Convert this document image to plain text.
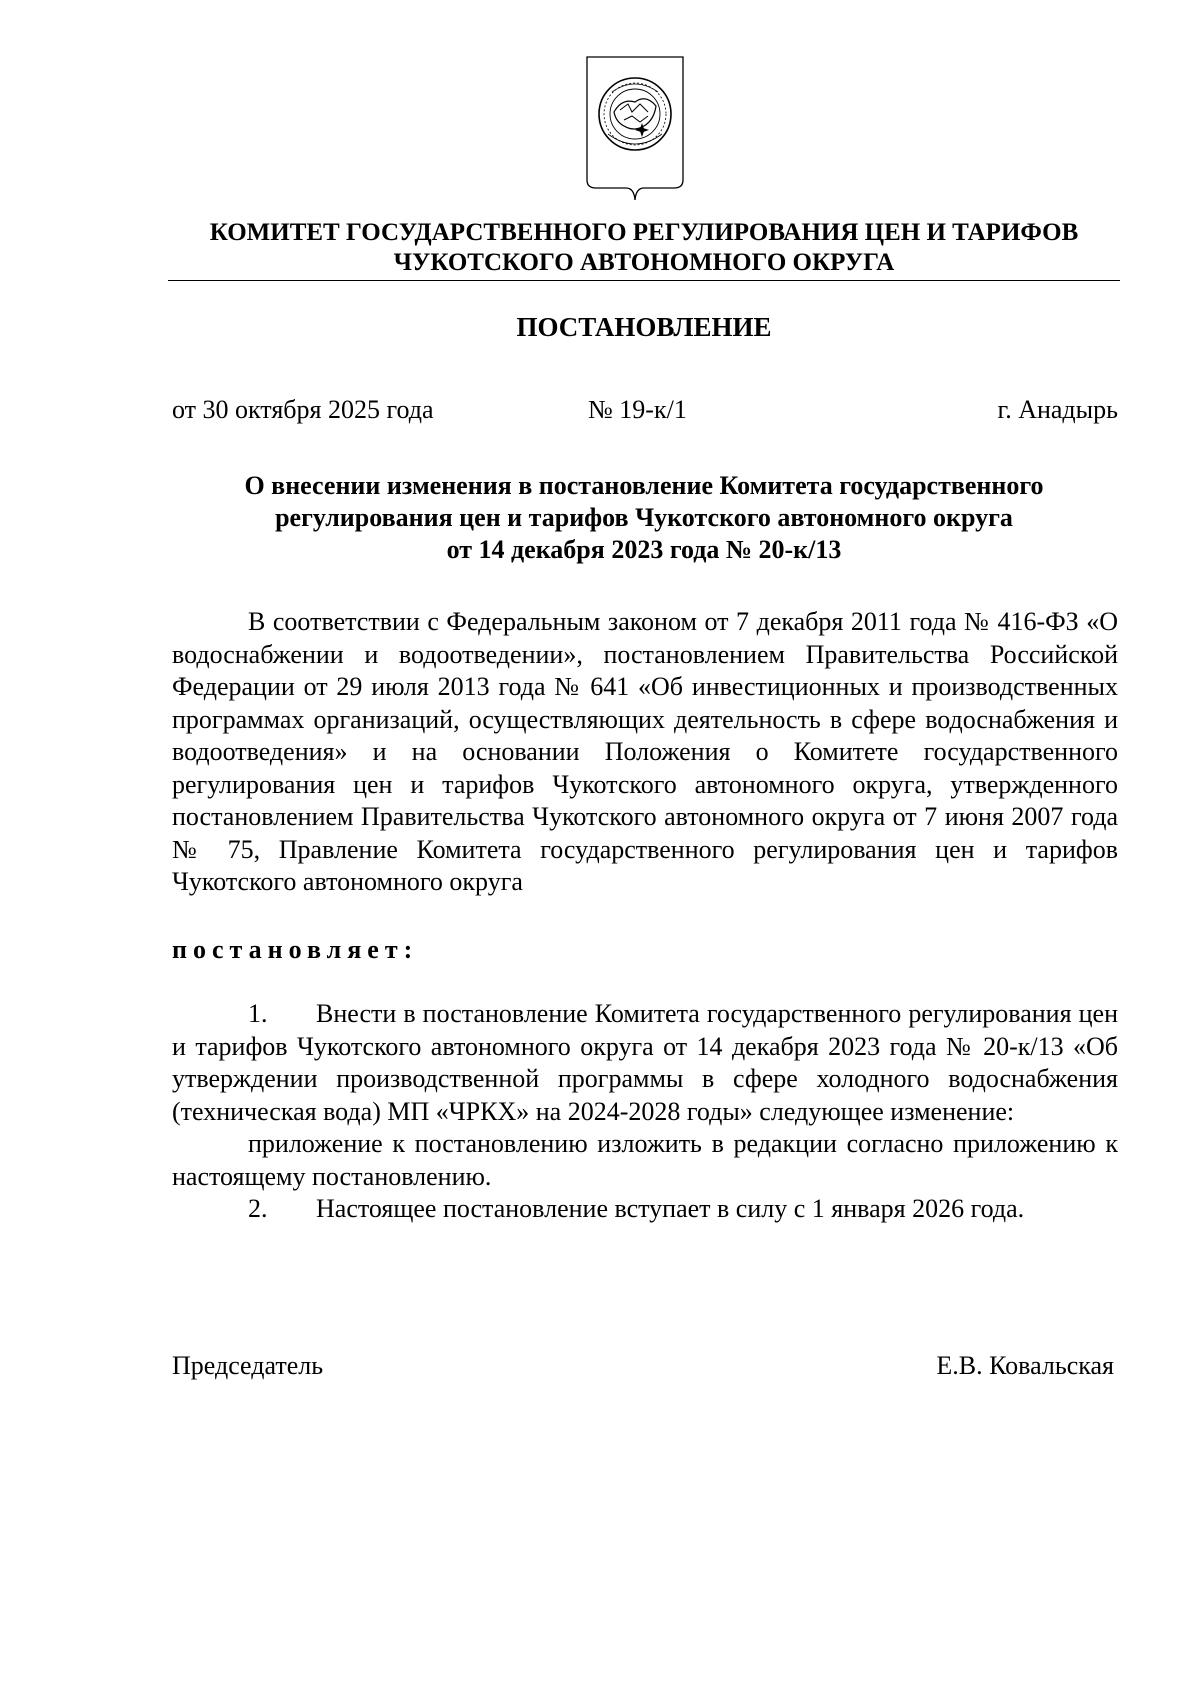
КОМИТЕТ ГОСУДАРСТВЕННОГО РЕГУЛИРОВАНИЯ ЦЕН И ТАРИФОВ
ЧУКОТСКОГО АВТОНОМНОГО ОКРУГА
ПОСТАНОВЛЕНИЕ
от 30 октября 2025 года	№ 19-к/1	г. Анадырь
О внесении изменения в постановление Комитета государственного
регулирования цен и тарифов Чукотского автономного округа
от 14 декабря 2023 года № 20-к/13
В соответствии с Федеральным законом от 7 декабря 2011 года № 416-ФЗ «О водоснабжении и водоотведении», постановлением Правительства Российской Федерации от 29 июля 2013 года № 641 «Об инвестиционных и производственных программах организаций, осуществляющих деятельность в сфере водоснабжения и водоотведения» и на основании Положения о Комитете государственного регулирования цен и тарифов Чукотского автономного округа, утвержденного постановлением Правительства Чукотского автономного округа от 7 июня 2007 года № 75, Правление Комитета государственного регулирования цен и тарифов Чукотского автономного округа
постановляет:

1. Внести в постановление Комитета государственного регулирования цен и тарифов Чукотского автономного округа от 14 декабря 2023 года № 20-к/13 «Об утверждении производственной программы в сфере холодного водоснабжения (техническая вода) МП «ЧРКХ» на 2024-2028 годы» следующее изменение:

приложение к постановлению изложить в редакции согласно приложению к настоящему постановлению.

2. Настоящее постановление вступает в силу с 1 января 2026 года.

Председатель	Е.В. Ковальская
